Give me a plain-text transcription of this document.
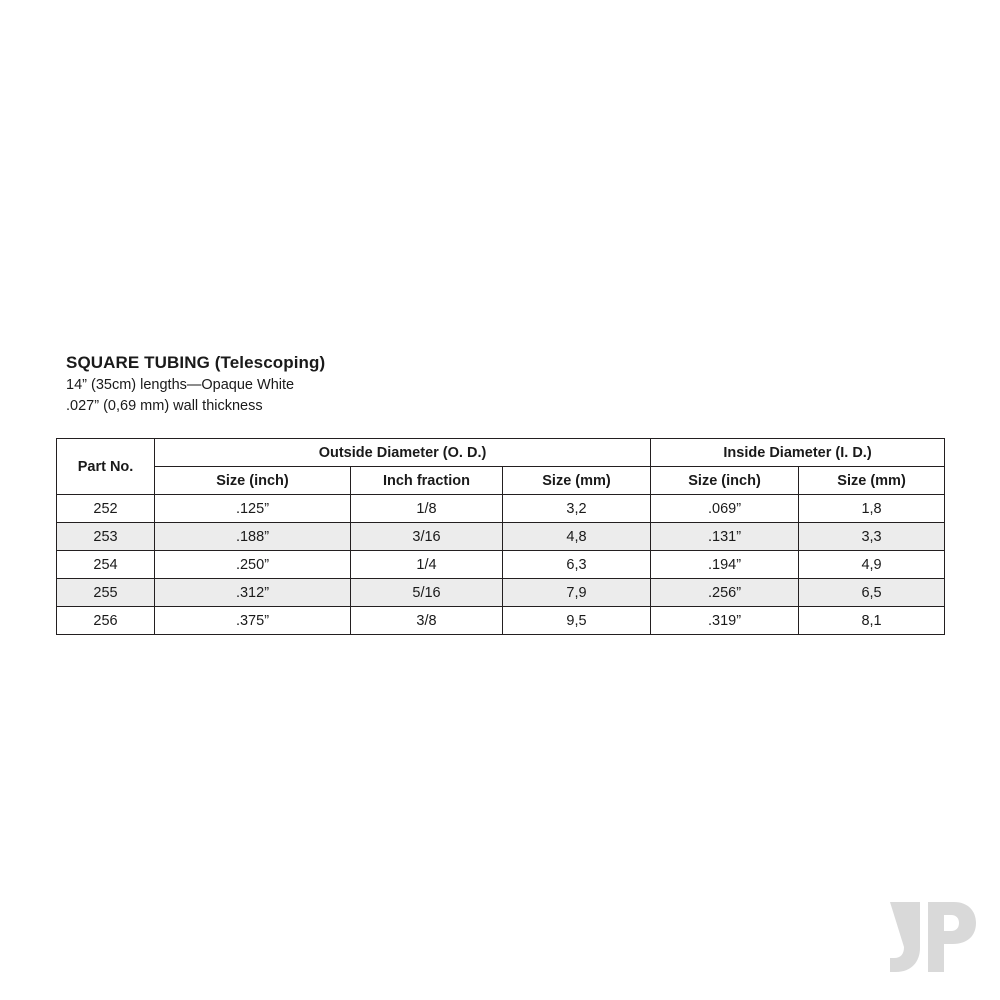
SQUARE TUBING (Telescoping)
14” (35cm) lengths—Opaque White
.027” (0,69 mm) wall thickness
Part No.	Outside Diameter (O. D.)			Inside Diameter (I. D.)	
	Size (inch)	Inch fraction	Size (mm)	Size (inch)	Size (mm)
252	.125”	1/8	3,2	.069”	1,8
253	.188”	3/16	4,8	.131”	3,3
254	.250”	1/4	6,3	.194”	4,9
255	.312”	5/16	7,9	.256”	6,5
256	.375”	3/8	9,5	.319”	8,1
